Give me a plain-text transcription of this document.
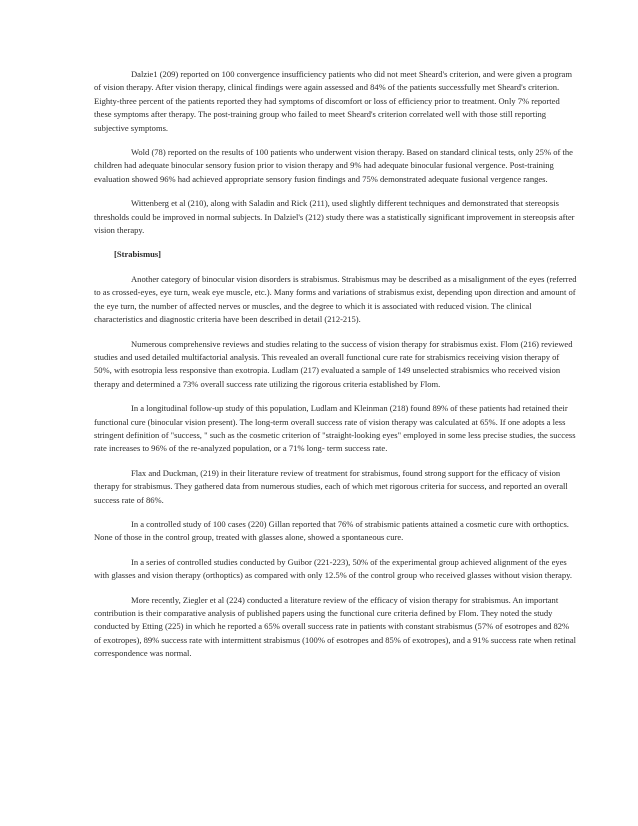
Dalzie1 (209) reported on 100 convergence insufficiency patients who did not meet Sheard's criterion, and were given a program of vision therapy. After vision therapy, clinical findings were again assessed and 84% of the patients successfully met Sheard's criterion. Eighty-three percent of the patients reported they had symptoms of discomfort or loss of efficiency prior to treatment. Only 7% reported these symptoms after therapy. The post-training group who failed to meet Sheard's criterion correlated well with those still reporting subjective symptoms.

Wold (78) reported on the results of 100 patients who underwent vision therapy. Based on standard clinical tests, only 25% of the children had adequate binocular sensory fusion prior to vision therapy and 9% had adequate binocular fusional vergence. Post-training evaluation showed 96% had achieved appropriate sensory fusion findings and 75% demonstrated adequate fusional vergence ranges.

Wittenberg et al (210), along with Saladin and Rick (211), used slightly different techniques and demonstrated that stereopsis thresholds could be improved in normal subjects. In Dalziel's (212) study there was a statistically significant improvement in stereopsis after vision therapy.

[Strabismus]

Another category of binocular vision disorders is strabismus. Strabismus may be described as a misalignment of the eyes (referred to as crossed-eyes, eye turn, weak eye muscle, etc.). Many forms and variations of strabismus exist, depending upon direction and amount of the eye turn, the number of affected nerves or muscles, and the degree to which it is associated with reduced vision. The clinical characteristics and diagnostic criteria have been described in detail (212-215).

Numerous comprehensive reviews and studies relating to the success of vision therapy for strabismus exist. Flom (216) reviewed studies and used detailed multifactorial analysis. This revealed an overall functional cure rate for strabismics receiving vision therapy of 50%, with esotropia less responsive than exotropia. Ludlam (217) evaluated a sample of 149 unselected strabismics who received vision therapy and determined a 73% overall success rate utilizing the rigorous criteria established by Flom.

In a longitudinal follow-up study of this population, Ludlam and Kleinman (218) found 89% of these patients had retained their functional cure (binocular vision present). The long-term overall success rate of vision therapy was calculated at 65%. If one adopts a less stringent definition of "success, " such as the cosmetic criterion of "straight-looking eyes" employed in some less precise studies, the success rate increases to 96% of the re-analyzed population, or a 71% long- term success rate.

Flax and Duckman, (219) in their literature review of treatment for strabismus, found strong support for the efficacy of vision therapy for strabismus. They gathered data from numerous studies, each of which met rigorous criteria for success, and reported an overall success rate of 86%.

In a controlled study of 100 cases (220) Gillan reported that 76% of strabismic patients attained a cosmetic cure with orthoptics. None of those in the control group, treated with glasses alone, showed a spontaneous cure.

In a series of controlled studies conducted by Guibor (221-223), 50% of the experimental group achieved alignment of the eyes with glasses and vision therapy (orthoptics) as compared with only 12.5% of the control group who received glasses without vision therapy.

More recently, Ziegler et al (224) conducted a literature review of the efficacy of vision therapy for strabismus. An important contribution is their comparative analysis of published papers using the functional cure criteria defined by Flom. They noted the study conducted by Etting (225) in which he reported a 65% overall success rate in patients with constant strabismus (57% of esotropes and 82% of exotropes), 89% success rate with intermittent strabismus (100% of esotropes and 85% of exotropes), and a 91% success rate when retinal correspondence was normal.
